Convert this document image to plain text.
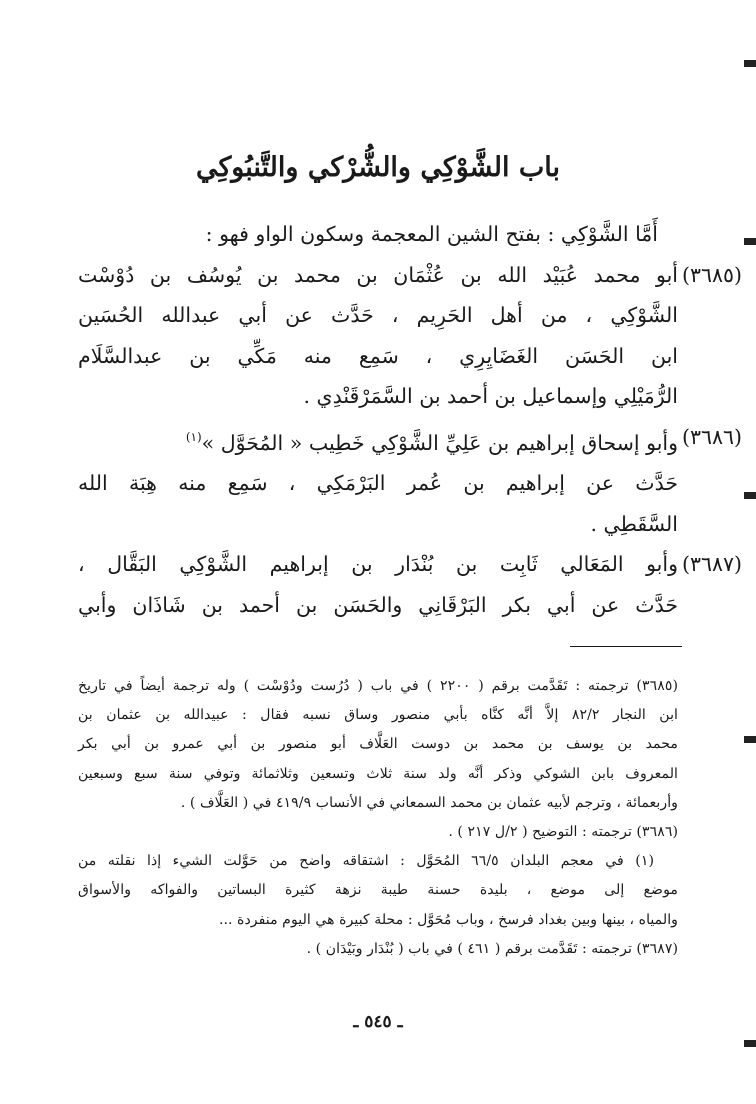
باب الشَّوْكِي والشُّرْكي والتَّنبُوكِي
أَمَّا الشَّوْكِي : بفتح الشين المعجمة وسكون الواو فهو :
(٣٦٨٥)
أبو محمد عُبَيْد الله بن عُثْمَان بن محمد بن يُوسُف بن دُوْسْت
الشَّوْكِي ، من أهل الحَرِيم ، حَدَّث عن أبي عبدالله الحُسَين
ابن الحَسَن الغَضَايِرِي ، سَمِع منه مَكِّي بن عبدالسَّلَام
الرُّمَيْلِي وإسماعيل بن أحمد بن السَّمَرْقَنْدِي .
(٣٦٨٦)
وأبو إسحاق إبراهيم بن عَلِيِّ الشَّوْكِي خَطِيب « المُحَوَّل »$^{(١)}$
حَدَّث عن إبراهيم بن عُمر البَرْمَكِي ، سَمِع منه هِبَة الله
السَّقَطِي .
(٣٦٨٧)
وأبو المَعَالي ثَابِت بن بُنْدَار بن إبراهيم الشَّوْكِي البَقَّال ،
حَدَّث عن أبي بكر البَرْقَانِي والحَسَن بن أحمد بن شَاذَان وأبي
(٣٦٨٥) ترجمته : تَقَدَّمت برقم ( ٢٢٠٠ ) في باب ( دُرُست ودُوْسْت ) وله ترجمة أيضاً في تاريخ
ابن النجار ٨٢/٢ إلاَّ أنَّه كنَّاه بأبي منصور وساق نسبه فقال : عبيدالله بن عثمان بن
محمد بن يوسف بن محمد بن دوست العَلَّاف أبو منصور بن أبي عمرو بن أبي بكر
المعروف بابن الشوكي وذكر أنَّه ولد سنة ثلاث وتسعين وثلاثمائة وتوفي سنة سبع وسبعين
وأربعمائة ، وترجم لأبيه عثمان بن محمد السمعاني في الأنساب ٤١٩/٩ في ( العَلَّاف ) .
(٣٦٨٦) ترجمته : التوضيح ( ٢/ل ٢١٧ ) .
(١) في معجم البلدان ٦٦/٥ المُحَوَّل : اشتقاقه واضح من حَوَّلت الشيء إذا نقلته من
موضع إلى موضع ، بليدة حسنة طيبة نزهة كثيرة البساتين والفواكه والأسواق
والمياه ، بينها وبين بغداد فرسخ ، وباب مُحَوَّل : محلة كبيرة هي اليوم منفردة ...
(٣٦٨٧) ترجمته : تَقَدَّمت برقم ( ٤٦١ ) في باب ( بُنْدَار وبَيْدَان ) .
ـ ٥٤٥ ـ
